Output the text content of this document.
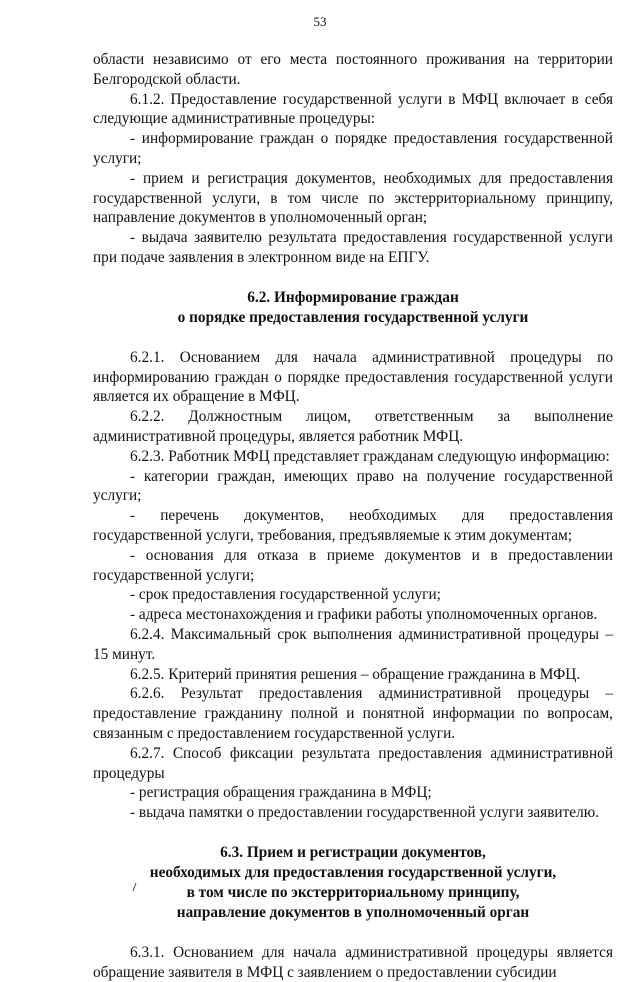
53

области независимо от его места постоянного проживания на территории Белгородской области.

6.1.2. Предоставление государственной услуги в МФЦ включает в себя следующие административные процедуры:

- информирование граждан о порядке предоставления государственной услуги;

- прием и регистрация документов, необходимых для предоставления государственной услуги, в том числе по экстерриториальному принципу, направление документов в уполномоченный орган;

- выдача заявителю результата предоставления государственной услуги при подаче заявления в электронном виде на ЕПГУ.

6.2. Информирование граждан

о порядке предоставления государственной услуги

6.2.1. Основанием для начала административной процедуры по информированию граждан о порядке предоставления государственной услуги является их обращение в МФЦ.

6.2.2. Должностным лицом, ответственным за выполнение административной процедуры, является работник МФЦ.

6.2.3. Работник МФЦ представляет гражданам следующую информацию:

- категории граждан, имеющих право на получение государственной услуги;

- перечень документов, необходимых для предоставления государственной услуги, требования, предъявляемые к этим документам;

- основания для отказа в приеме документов и в предоставлении государственной услуги;

- срок предоставления государственной услуги;

- адреса местонахождения и графики работы уполномоченных органов.

6.2.4. Максимальный срок выполнения административной процедуры – 15 минут.

6.2.5. Критерий принятия решения – обращение гражданина в МФЦ.

6.2.6. Результат предоставления административной процедуры – предоставление гражданину полной и понятной информации по вопросам, связанным с предоставлением государственной услуги.

6.2.7. Способ фиксации результата предоставления административной процедуры

- регистрация обращения гражданина в МФЦ;

- выдача памятки о предоставлении государственной услуги заявителю.

6.3. Прием и регистрации документов,

необходимых для предоставления государственной услуги,

в том числе по экстерриториальному принципу,

направление документов в уполномоченный орган

6.3.1. Основанием для начала административной процедуры является обращение заявителя в МФЦ с заявлением о предоставлении субсидии
